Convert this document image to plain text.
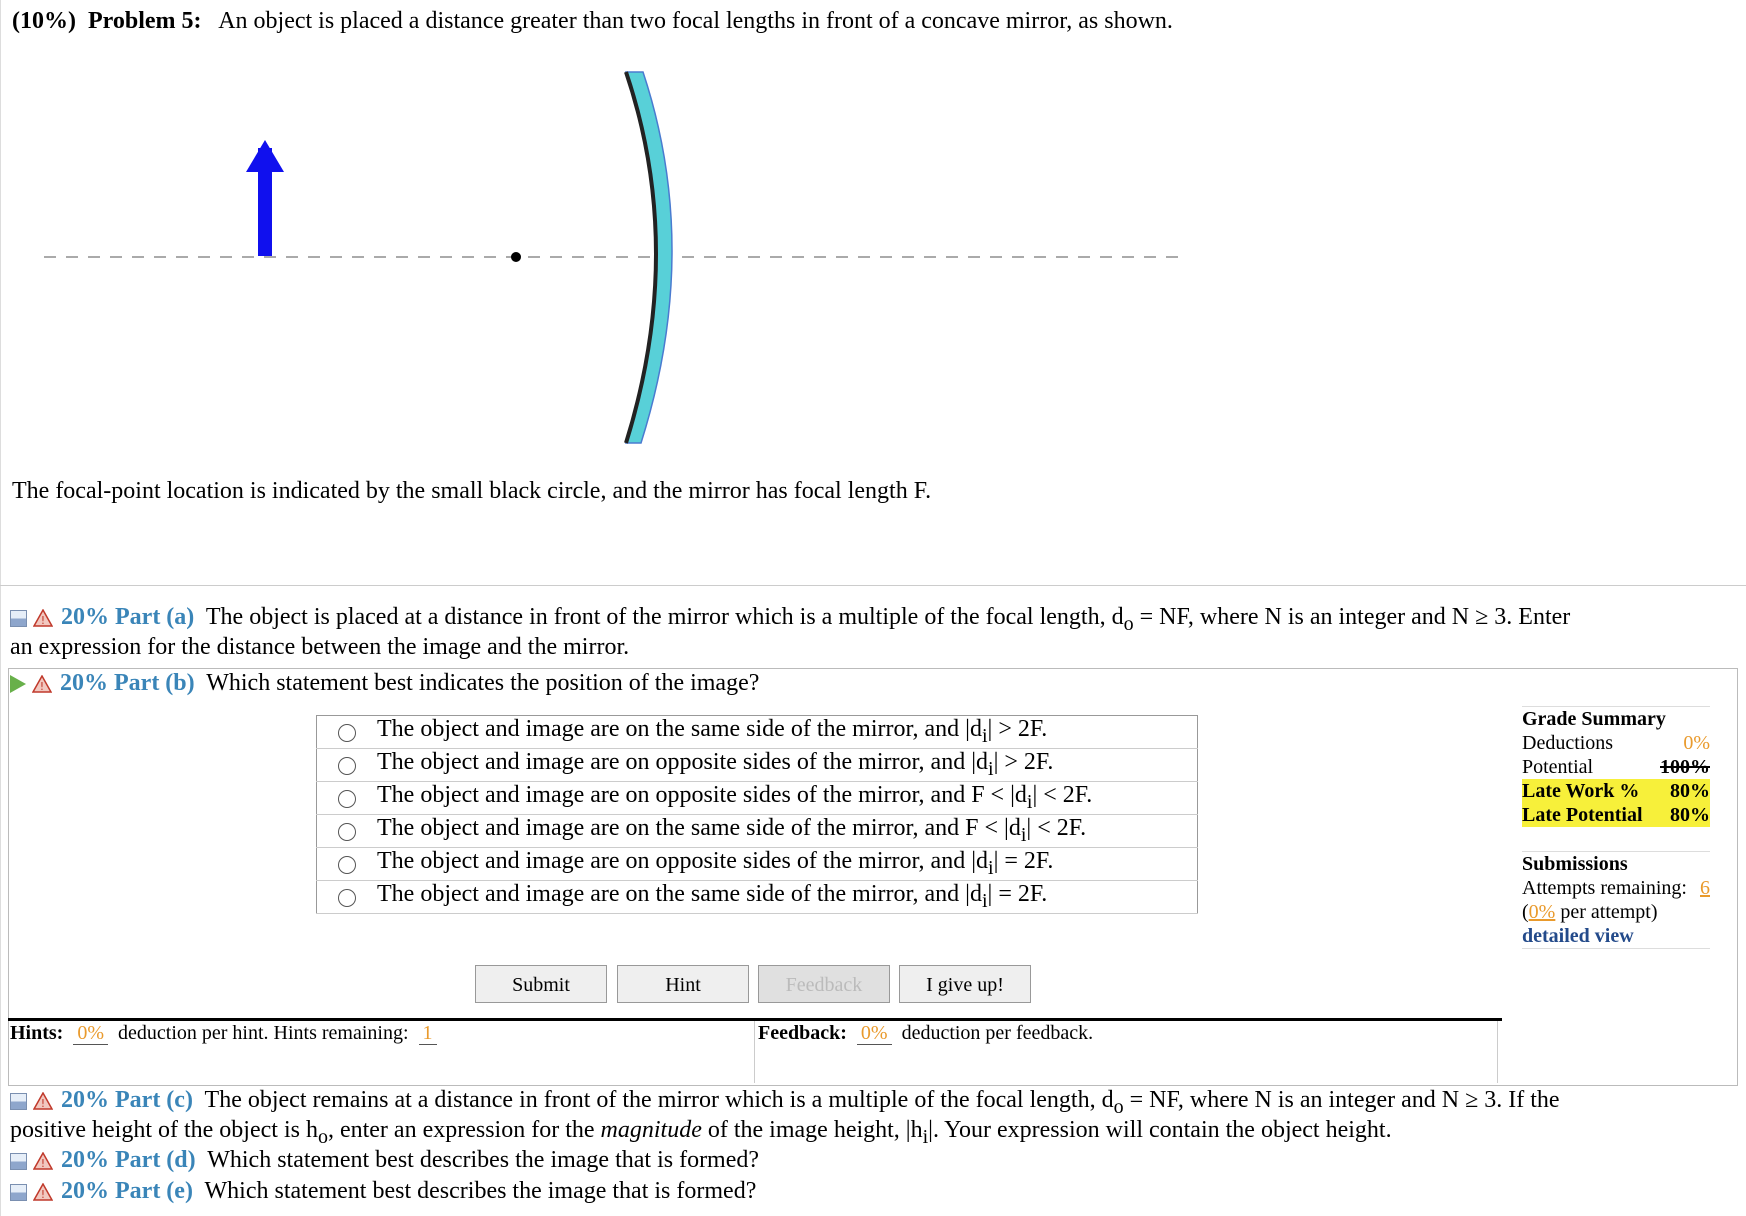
(10%) Problem 5: An object is placed a distance greater than two focal lengths in front of a concave mirror, as shown.
The focal-point location is indicated by the small black circle, and the mirror has focal length F.
! 20% Part (a) The object is placed at a distance in front of the mirror which is a multiple of the focal length, $d_o$ = NF, where N is an integer and N ≥ 3. Enter
an expression for the distance between the image and the mirror.
! 20% Part (b) Which statement best indicates the position of the image?
	The object and image are on the same side of the mirror, and $|d_i| > 2F$.
	The object and image are on opposite sides of the mirror, and $|d_i| > 2F$.
	The object and image are on opposite sides of the mirror, and $F < |d_i| < 2F$.
	The object and image are on the same side of the mirror, and $F < |d_i| < 2F$.
	The object and image are on opposite sides of the mirror, and $|d_i| = 2F$.
	The object and image are on the same side of the mirror, and $|d_i| = 2F$.
Grade Summary
Deductions	0%
Potential	100%
Late Work % 80%
Late Potential 80%
Submissions
Attempts remaining: 6
( 0%
per attempt)
detailed view
Submit	Hint	Feedback	I give up!
Hints: 0% deduction per hint. Hints remaining: 1	Feedback: 0% deduction per feedback.
! 20% Part (c) The object remains at a distance in front of the mirror which is a multiple of the focal length, $d_o$ = NF, where N is an integer and N ≥ 3. If the
positive height of the object is $h_o$, enter an expression for the magnitude of the image height, $|h_i|$. Your expression will contain the object height.
! 20% Part (d) Which statement best describes the image that is formed?
! 20% Part (e) Which statement best describes the image that is formed?
